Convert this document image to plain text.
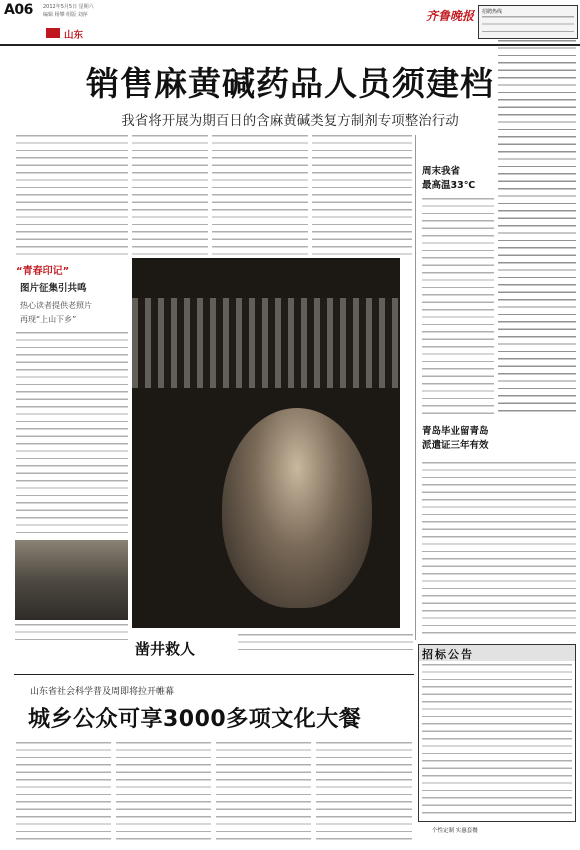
A06 2012年5月5日 星期六
编辑 杨攀 组版 刘萍
山东
齐鲁晚报 招聘热线
销售麻黄碱药品人员须建档
我省将开展为期百日的含麻黄碱类复方制剂专项整治行动
周末我省
最高温33℃
青岛毕业留青岛
派遣证三年有效
“青春印记”
图片征集引共鸣
热心读者提供老照片
再现“上山下乡”
凿井救人	招标公告
个性定制 实惠套餐
山东省社会科学普及周即将拉开帷幕
城乡公众可享3000多项文化大餐
